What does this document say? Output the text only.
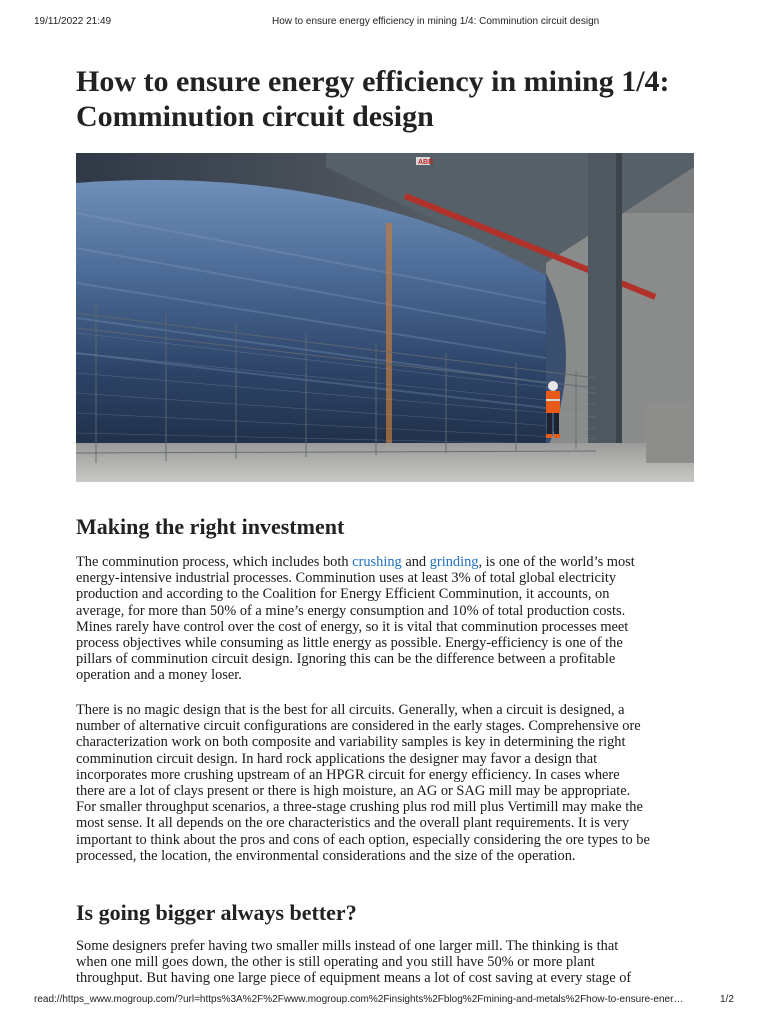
19/11/2022 21:49	How to ensure energy efficiency in mining 1/4: Comminution circuit design
How to ensure energy efficiency in mining 1/4:
Comminution circuit design
ABB
Making the right investment

The comminution process, which includes both crushing and grinding, is one of the world’s most
energy-intensive industrial processes. Comminution uses at least 3% of total global electricity
production and according to the Coalition for Energy Efficient Comminution, it accounts, on
average, for more than 50% of a mine’s energy consumption and 10% of total production costs.
Mines rarely have control over the cost of energy, so it is vital that comminution processes meet
process objectives while consuming as little energy as possible. Energy-efficiency is one of the
pillars of comminution circuit design. Ignoring this can be the difference between a profitable
operation and a money loser.

There is no magic design that is the best for all circuits. Generally, when a circuit is designed, a
number of alternative circuit configurations are considered in the early stages. Comprehensive ore
characterization work on both composite and variability samples is key in determining the right
comminution circuit design. In hard rock applications the designer may favor a design that
incorporates more crushing upstream of an HPGR circuit for energy efficiency. In cases where
there are a lot of clays present or there is high moisture, an AG or SAG mill may be appropriate.
For smaller throughput scenarios, a three-stage crushing plus rod mill plus Vertimill may make the
most sense. It all depends on the ore characteristics and the overall plant requirements. It is very
important to think about the pros and cons of each option, especially considering the ore types to be
processed, the location, the environmental considerations and the size of the operation.

Is going bigger always better?

Some designers prefer having two smaller mills instead of one larger mill. The thinking is that
when one mill goes down, the other is still operating and you still have 50% or more plant
throughput. But having one large piece of equipment means a lot of cost saving at every stage of

read://https_www.mogroup.com/?url=https%3A%2F%2Fwww.mogroup.com%2Finsights%2Fblog%2Fmining-and-metals%2Fhow-to-ensure-ener…	1/2
